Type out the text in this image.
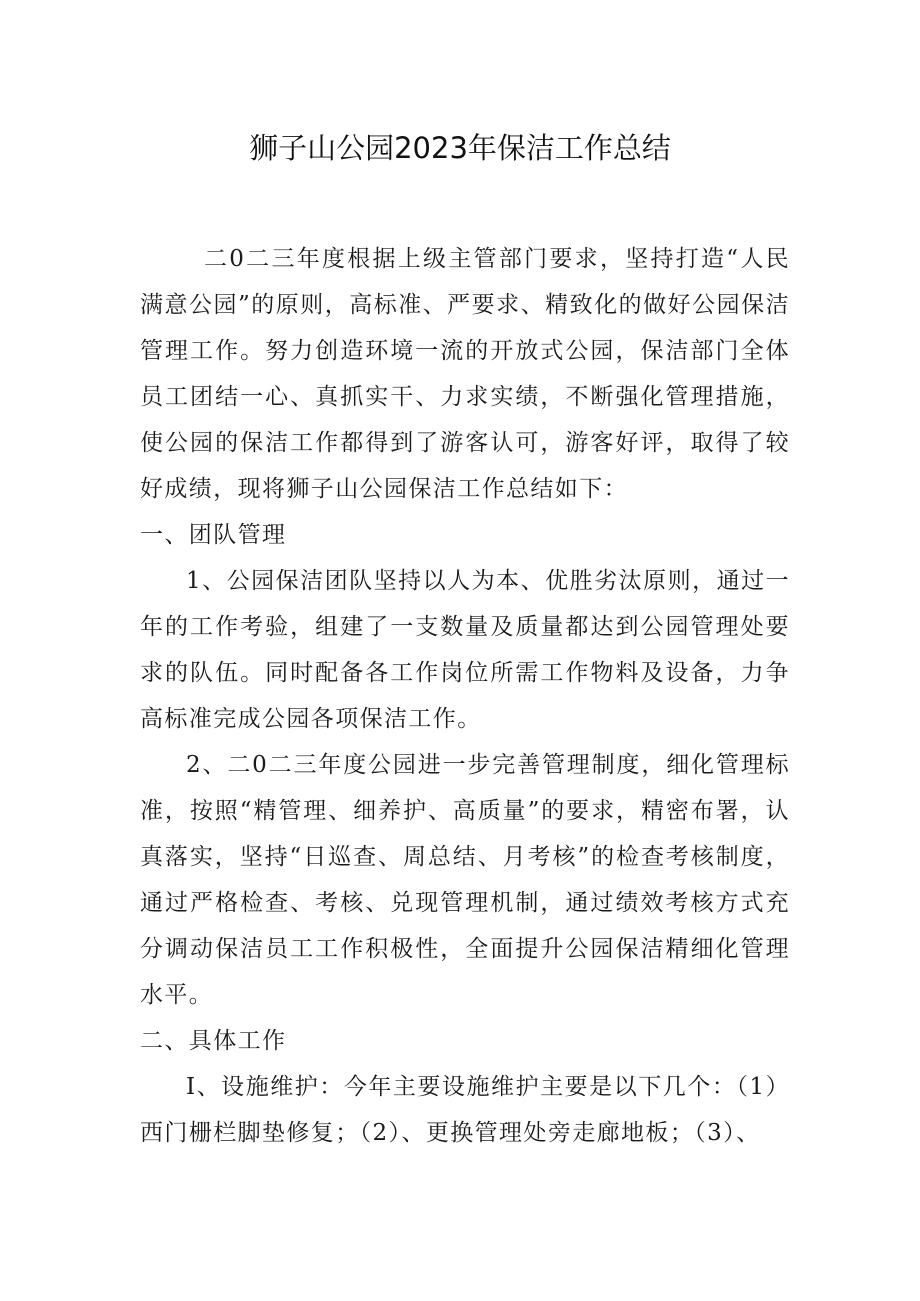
狮子山公园2023年保洁工作总结

二0二三年度根据上级主管部门要求，坚持打造“人民满意公园”的原则，高标准、严要求、精致化的做好公园保洁管理工作。努力创造环境一流的开放式公园，保洁部门全体员工团结一心、真抓实干、力求实绩，不断强化管理措施，使公园的保洁工作都得到了游客认可，游客好评，取得了较好成绩，现将狮子山公园保洁工作总结如下：

一、团队管理

1、公园保洁团队坚持以人为本、优胜劣汰原则，通过一年的工作考验，组建了一支数量及质量都达到公园管理处要求的队伍。同时配备各工作岗位所需工作物料及设备，力争高标准完成公园各项保洁工作。

2、二0二三年度公园进一步完善管理制度，细化管理标准，按照“精管理、细养护、高质量”的要求，精密布署，认真落实，坚持“日巡查、周总结、月考核”的检查考核制度，通过严格检查、考核、兑现管理机制，通过绩效考核方式充分调动保洁员工工作积极性，全面提升公园保洁精细化管理水平。

二、具体工作

I、设施维护：今年主要设施维护主要是以下几个：（1）西门栅栏脚垫修复；（2）、更换管理处旁走廊地板；（3）、
